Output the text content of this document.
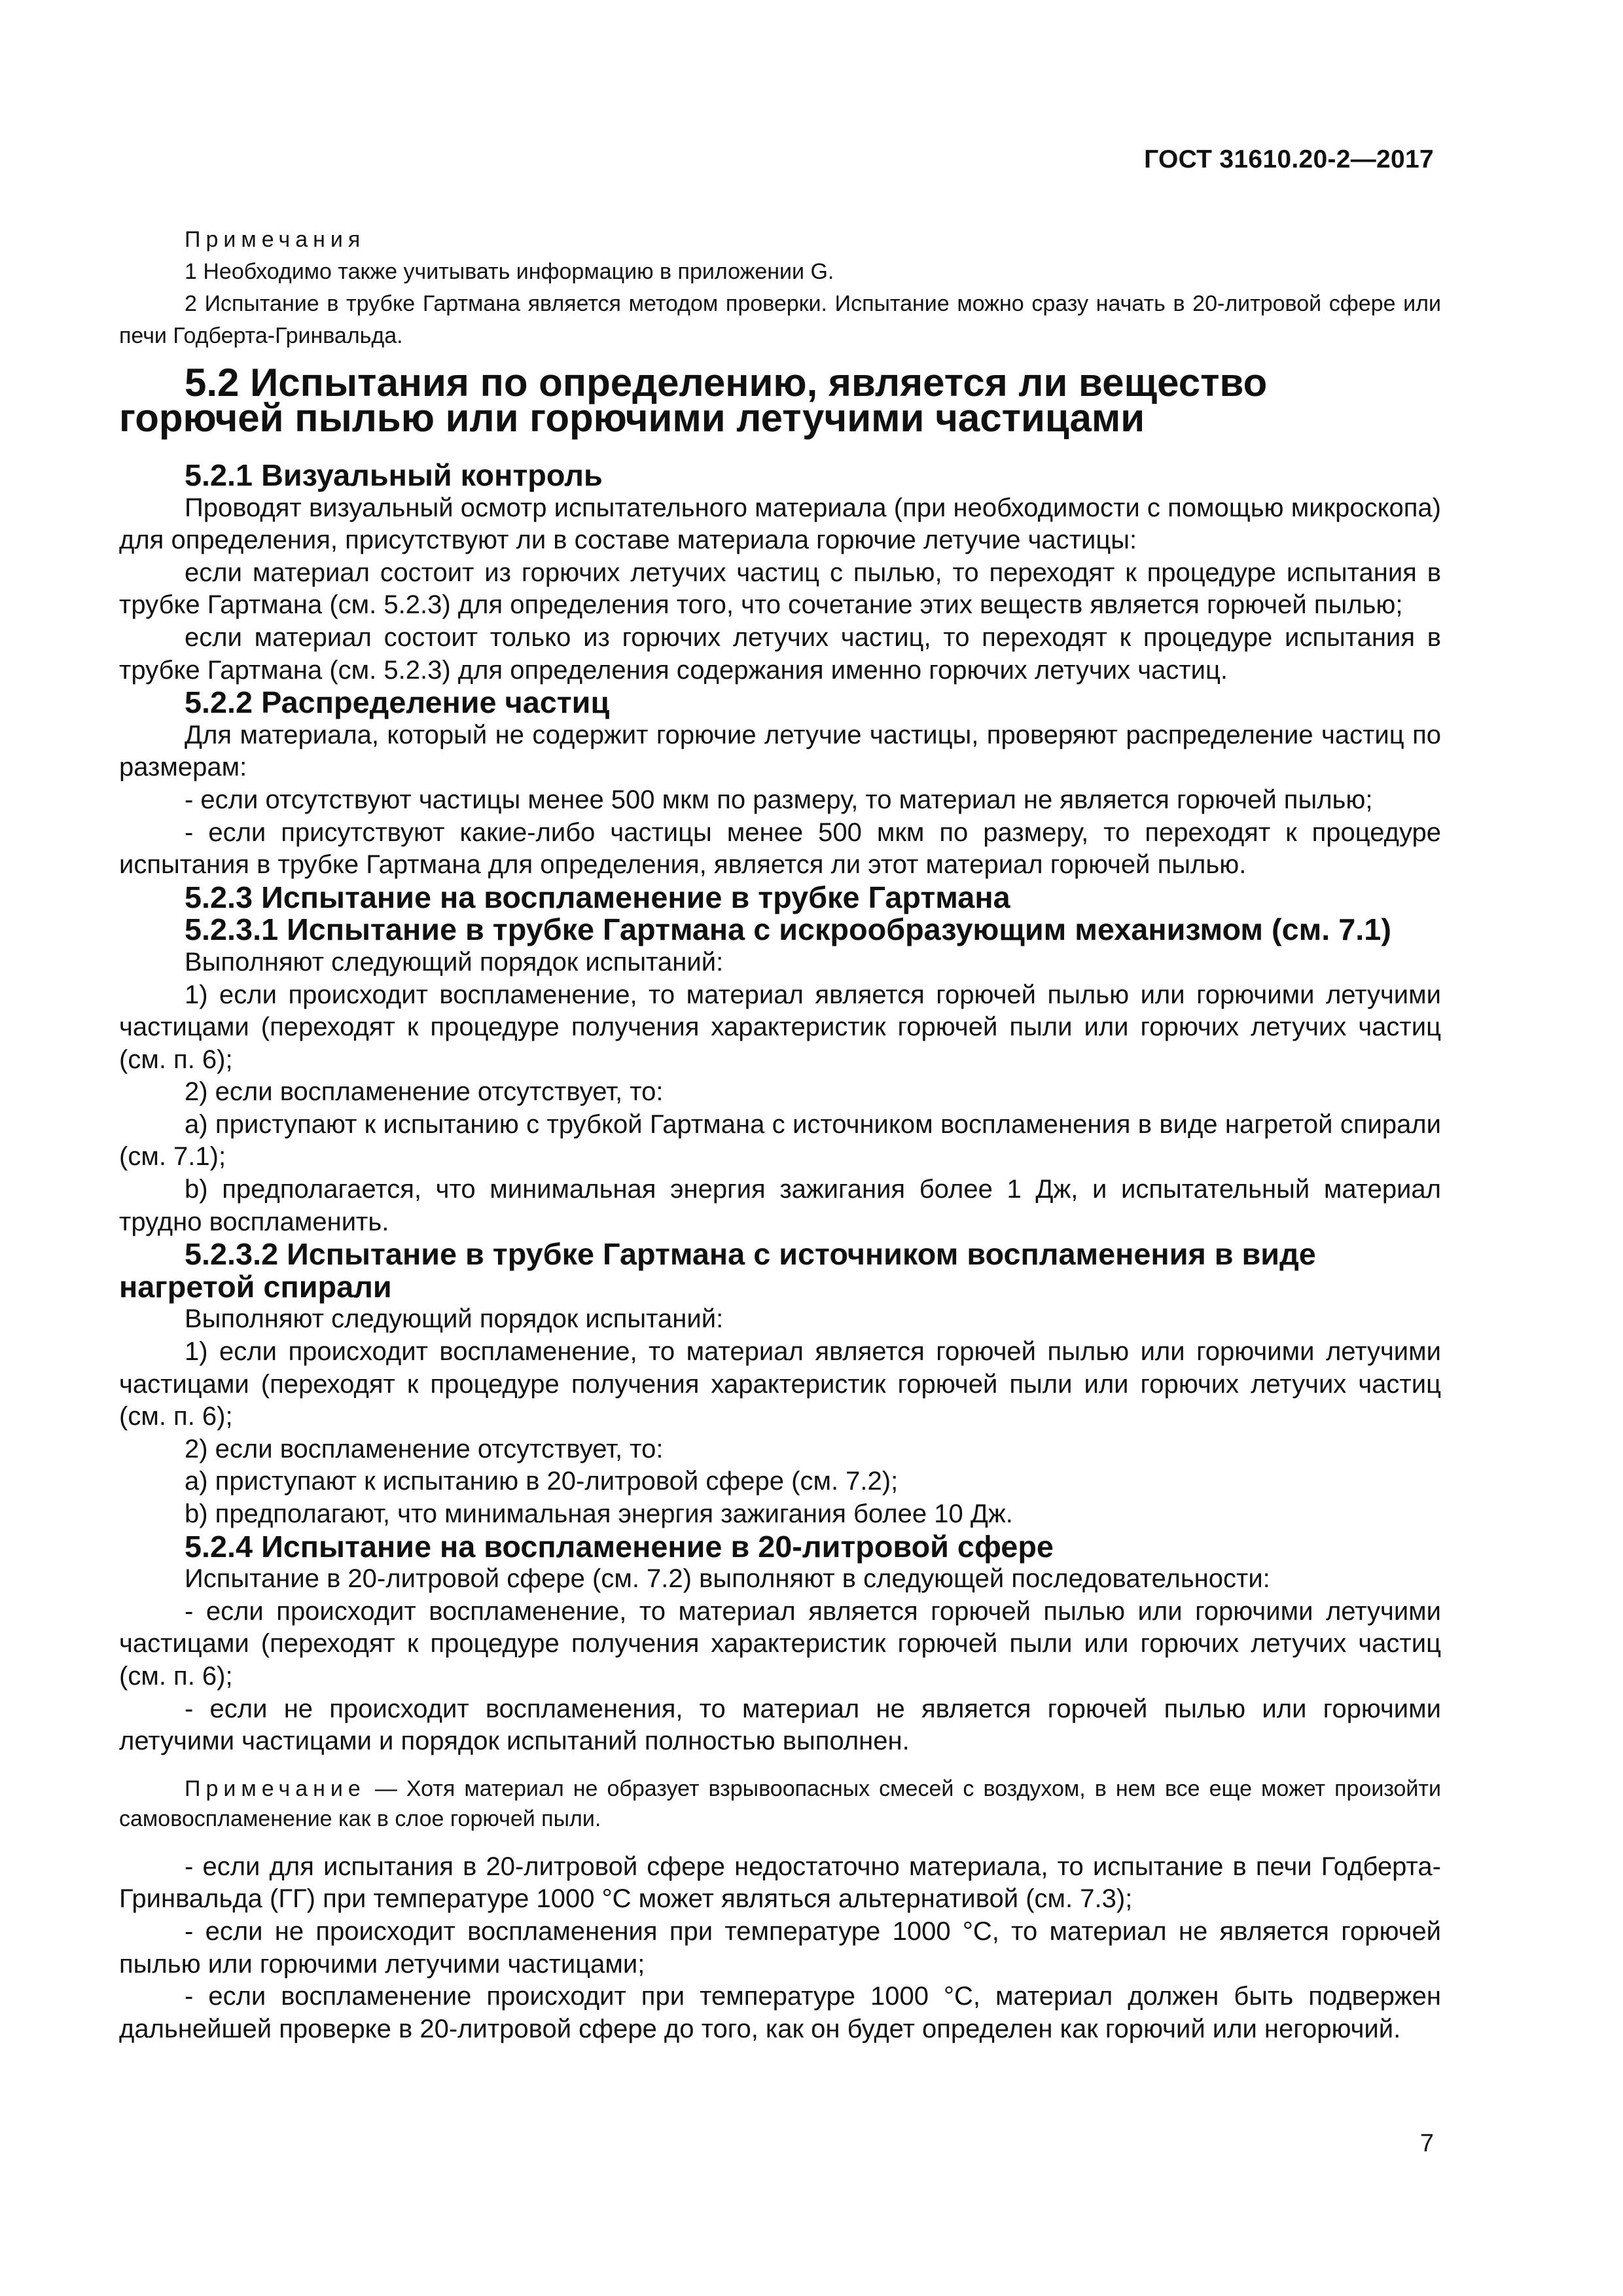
ГОСТ 31610.20-2—2017
Примечания

1 Необходимо также учитывать информацию в приложении G.

2 Испытание в трубке Гартмана является методом проверки. Испытание можно сразу начать в 20-литровой сфере или печи Годберта-Гринвальда.

5.2 Испытания по определению, является ли вещество горючей пылью или горючими летучими частицами
5.2.1 Визуальный контроль

Проводят визуальный осмотр испытательного материала (при необходимости с помощью микроскопа) для определения, присутствуют ли в составе материала горючие летучие частицы:

если материал состоит из горючих летучих частиц с пылью, то переходят к процедуре испытания в трубке Гартмана (см. 5.2.3) для определения того, что сочетание этих веществ является горючей пылью;

если материал состоит только из горючих летучих частиц, то переходят к процедуре испытания в трубке Гартмана (см. 5.2.3) для определения содержания именно горючих летучих частиц.

5.2.2 Распределение частиц

Для материала, который не содержит горючие летучие частицы, проверяют распределение частиц по размерам:

- если отсутствуют частицы менее 500 мкм по размеру, то материал не является горючей пылью;

- если присутствуют какие-либо частицы менее 500 мкм по размеру, то переходят к процедуре испытания в трубке Гартмана для определения, является ли этот материал горючей пылью.

5.2.3 Испытание на воспламенение в трубке Гартмана
5.2.3.1 Испытание в трубке Гартмана с искрообразующим механизмом (см. 7.1)

Выполняют следующий порядок испытаний:

1) если происходит воспламенение, то материал является горючей пылью или горючими летучими частицами (переходят к процедуре получения характеристик горючей пыли или горючих летучих частиц (см. п. 6);

2) если воспламенение отсутствует, то:

a) приступают к испытанию с трубкой Гартмана с источником воспламенения в виде нагретой спирали (см. 7.1);

b) предполагается, что минимальная энергия зажигания более 1 Дж, и испытательный материал трудно воспламенить.

5.2.3.2 Испытание в трубке Гартмана с источником воспламенения в виде нагретой спирали

Выполняют следующий порядок испытаний:

1) если происходит воспламенение, то материал является горючей пылью или горючими летучими частицами (переходят к процедуре получения характеристик горючей пыли или горючих летучих частиц (см. п. 6);

2) если воспламенение отсутствует, то:

a) приступают к испытанию в 20-литровой сфере (см. 7.2);

b) предполагают, что минимальная энергия зажигания более 10 Дж.

5.2.4 Испытание на воспламенение в 20-литровой сфере

Испытание в 20-литровой сфере (см. 7.2) выполняют в следующей последовательности:

- если происходит воспламенение, то материал является горючей пылью или горючими летучими частицами (переходят к процедуре получения характеристик горючей пыли или горючих летучих частиц (см. п. 6);

- если не происходит воспламенения, то материал не является горючей пылью или горючими летучими частицами и порядок испытаний полностью выполнен.

Примечание — Хотя материал не образует взрывоопасных смесей с воздухом, в нем все еще может произойти самовоспламенение как в слое горючей пыли.

- если для испытания в 20-литровой сфере недостаточно материала, то испытание в печи Годберта-Гринвальда (ГГ) при температуре 1000 °С может являться альтернативой (см. 7.3);

- если не происходит воспламенения при температуре 1000 °С, то материал не является горючей пылью или горючими летучими частицами;

- если воспламенение происходит при температуре 1000 °С, материал должен быть подвержен дальнейшей проверке в 20-литровой сфере до того, как он будет определен как горючий или негорючий.

7
